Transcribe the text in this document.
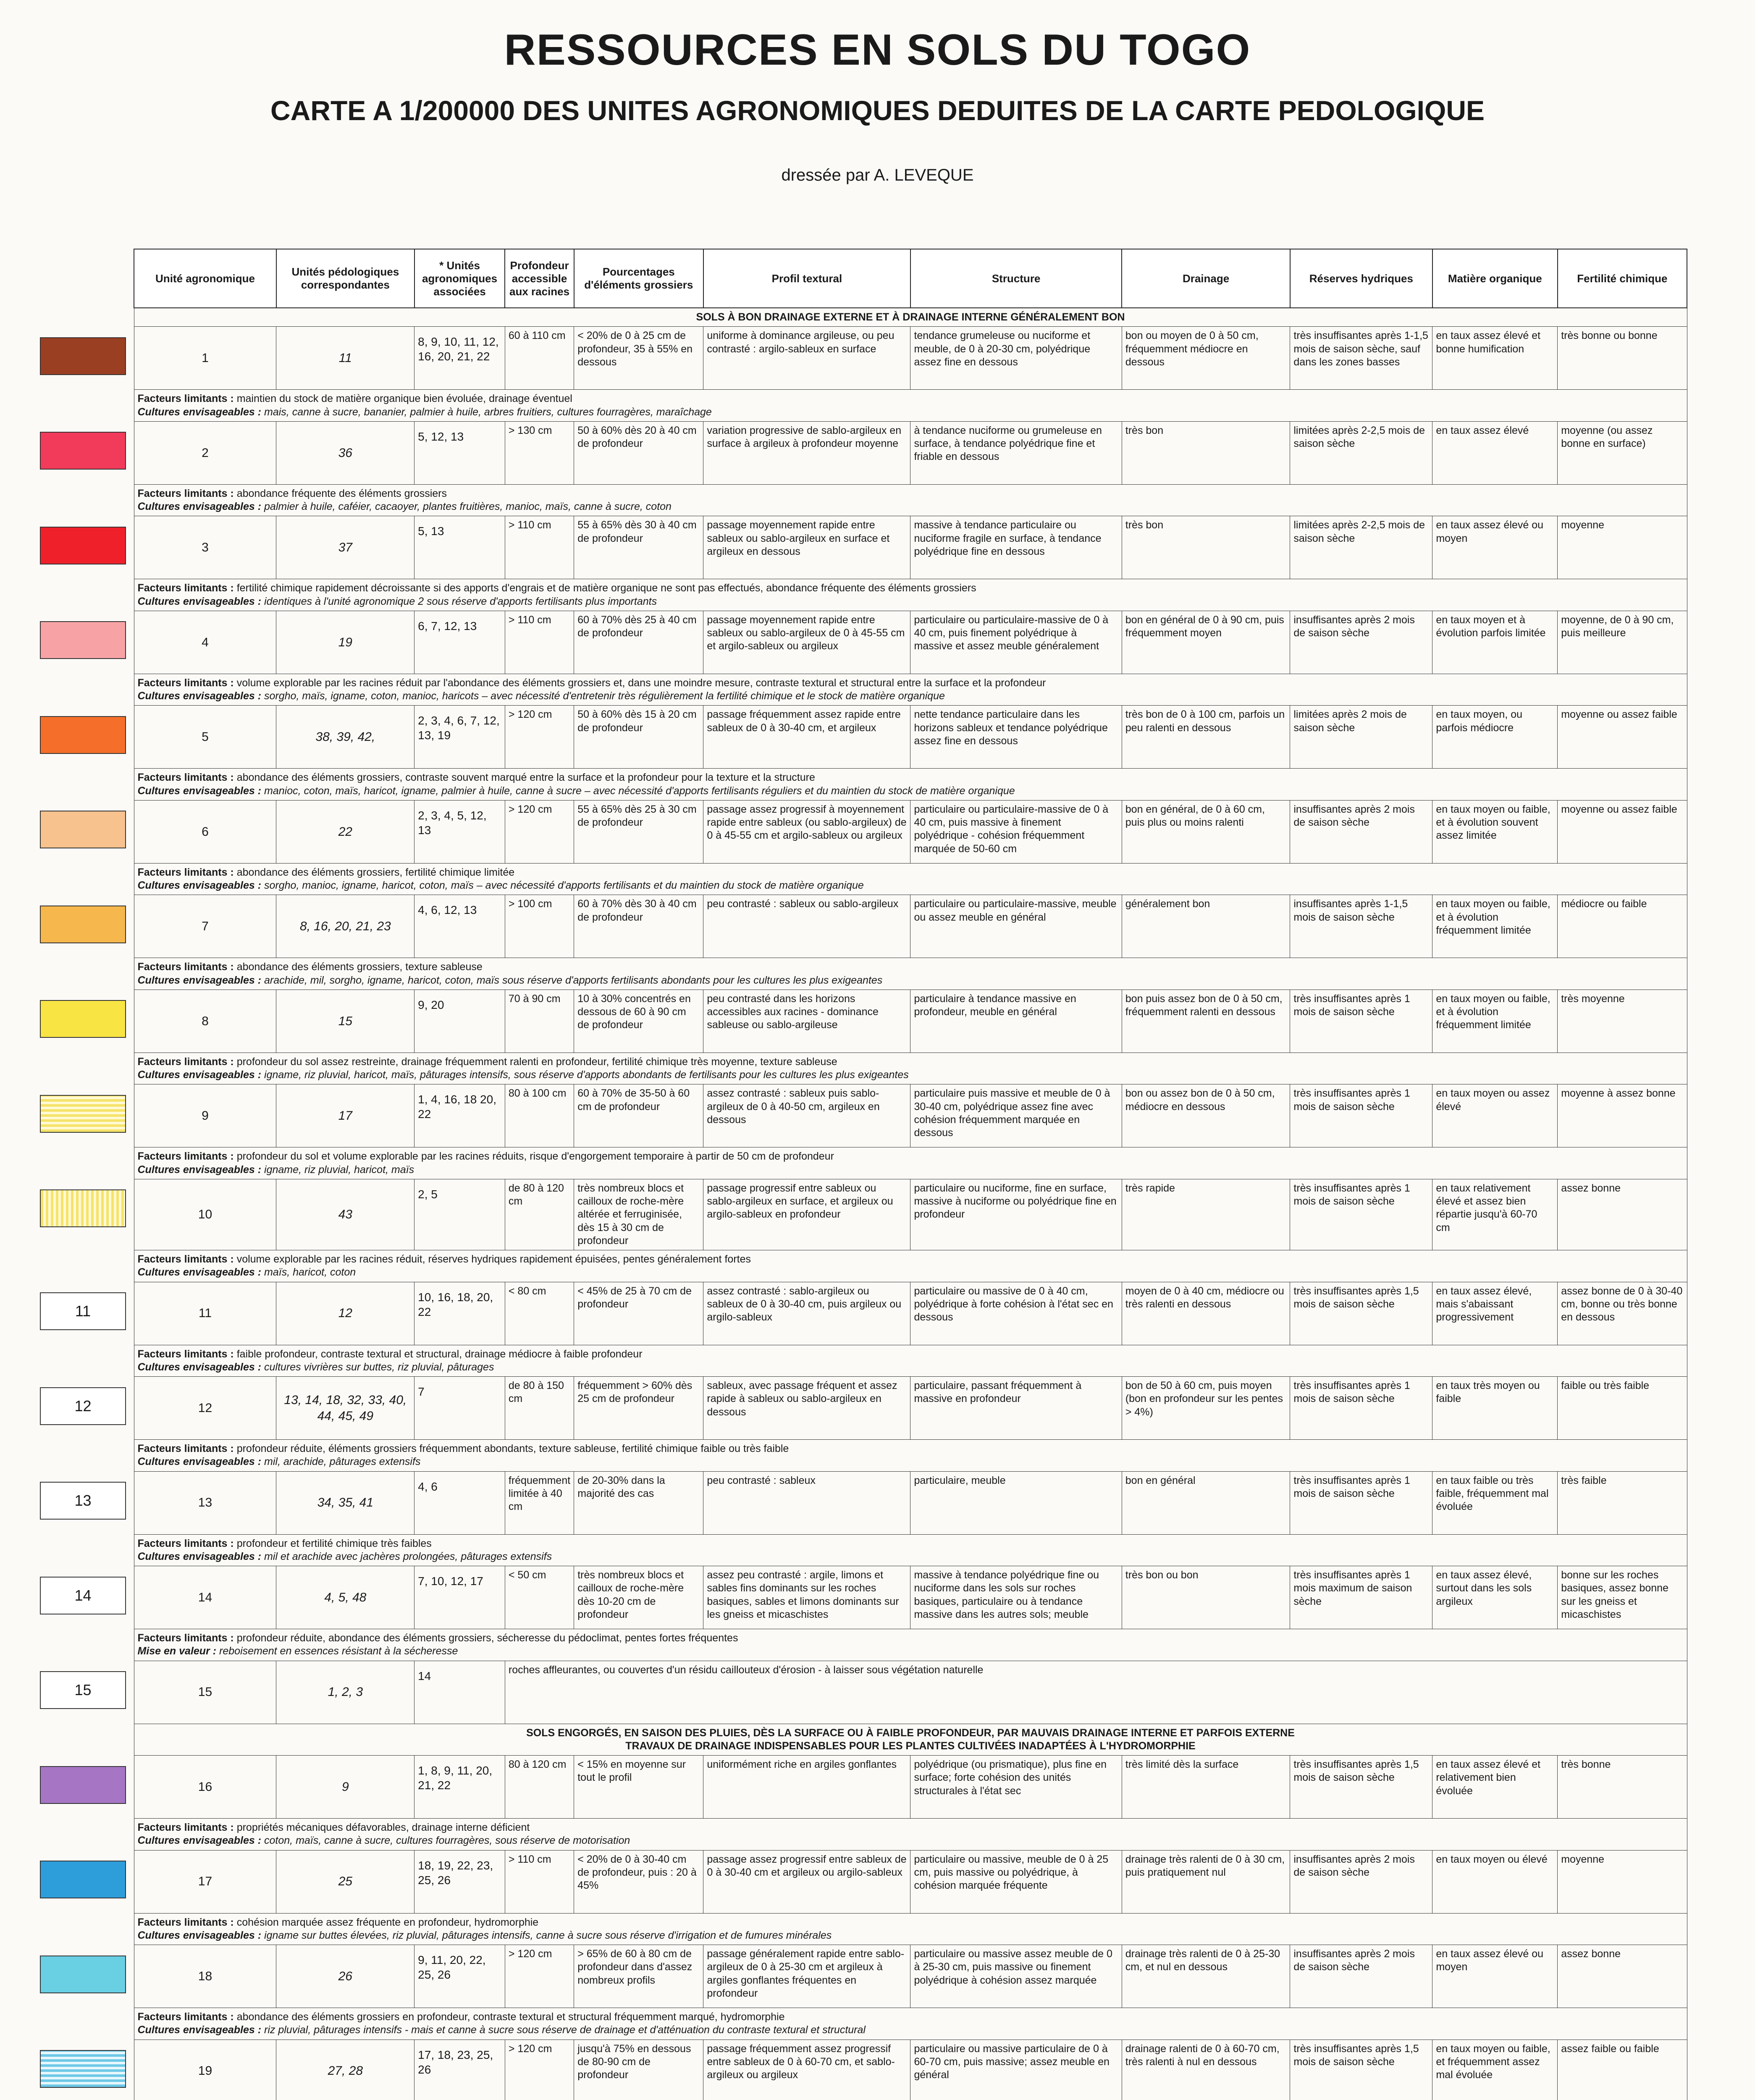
RESSOURCES EN SOLS DU TOGO
CARTE A 1/200000 DES UNITES AGRONOMIQUES DEDUITES DE LA CARTE PEDOLOGIQUE
dressée par A. LEVEQUE
11
12
13
14
15
Unité agronomique	Unités pédologiques correspondantes	* Unités agronomiques associées	Profondeur accessible aux racines	Pourcentages d'éléments grossiers	Profil textural	Structure	Drainage	Réserves hydriques	Matière organique	Fertilité chimique
SOLS À BON DRAINAGE EXTERNE ET À DRAINAGE INTERNE GÉNÉRALEMENT BON										
1	11	8, 9, 10, 11, 12, 16, 20, 21, 22	60 à 110 cm	< 20% de 0 à 25 cm de profondeur, 35 à 55% en dessous	uniforme à dominance argileuse, ou peu contrasté : argilo-sableux en surface	tendance grumeleuse ou nuciforme et meuble, de 0 à 20-30 cm, polyédrique assez fine en dessous	bon ou moyen de 0 à 50 cm, fréquemment médiocre en dessous	très insuffisantes après 1-1,5 mois de saison sèche, sauf dans les zones basses	en taux assez élevé et bonne humification	très bonne ou bonne
Facteurs limitants : maintien du stock de matière organique bien évoluée, drainage éventuel
Cultures envisageables : mais, canne à sucre, bananier, palmier à huile, arbres fruitiers, cultures fourragères, maraîchage										
2	36	5, 12, 13	> 130 cm	50 à 60% dès 20 à 40 cm de profondeur	variation progressive de sablo-argileux en surface à argileux à profondeur moyenne	à tendance nuciforme ou grumeleuse en surface, à tendance polyédrique fine et friable en dessous	très bon	limitées après 2-2,5 mois de saison sèche	en taux assez élevé	moyenne (ou assez bonne en surface)
Facteurs limitants : abondance fréquente des éléments grossiers
Cultures envisageables : palmier à huile, caféier, cacaoyer, plantes fruitières, manioc, maïs, canne à sucre, coton										
3	37	5, 13	> 110 cm	55 à 65% dès 30 à 40 cm de profondeur	passage moyennement rapide entre sableux ou sablo-argileux en surface et argileux en dessous	massive à tendance particulaire ou nuciforme fragile en surface, à tendance polyédrique fine en dessous	très bon	limitées après 2-2,5 mois de saison sèche	en taux assez élevé ou moyen	moyenne
Facteurs limitants : fertilité chimique rapidement décroissante si des apports d'engrais et de matière organique ne sont pas effectués, abondance fréquente des éléments grossiers
Cultures envisageables : identiques à l'unité agronomique 2 sous réserve d'apports fertilisants plus importants										
4	19	6, 7, 12, 13	> 110 cm	60 à 70% dès 25 à 40 cm de profondeur	passage moyennement rapide entre sableux ou sablo-argileux de 0 à 45-55 cm et argilo-sableux ou argileux	particulaire ou particulaire-massive de 0 à 40 cm, puis finement polyédrique à massive et assez meuble généralement	bon en général de 0 à 90 cm, puis fréquemment moyen	insuffisantes après 2 mois de saison sèche	en taux moyen et à évolution parfois limitée	moyenne, de 0 à 90 cm, puis meilleure
Facteurs limitants : volume explorable par les racines réduit par l'abondance des éléments grossiers et, dans une moindre mesure, contraste textural et structural entre la surface et la profondeur
Cultures envisageables : sorgho, maïs, igname, coton, manioc, haricots – avec nécessité d'entretenir très régulièrement la fertilité chimique et le stock de matière organique										
5	38, 39, 42,	2, 3, 4, 6, 7, 12, 13, 19	> 120 cm	50 à 60% dès 15 à 20 cm de profondeur	passage fréquemment assez rapide entre sableux de 0 à 30-40 cm, et argileux	nette tendance particulaire dans les horizons sableux et tendance polyédrique assez fine en dessous	très bon de 0 à 100 cm, parfois un peu ralenti en dessous	limitées après 2 mois de saison sèche	en taux moyen, ou parfois médiocre	moyenne ou assez faible
Facteurs limitants : abondance des éléments grossiers, contraste souvent marqué entre la surface et la profondeur pour la texture et la structure
Cultures envisageables : manioc, coton, maïs, haricot, igname, palmier à huile, canne à sucre – avec nécessité d'apports fertilisants réguliers et du maintien du stock de matière organique										
6	22	2, 3, 4, 5, 12, 13	> 120 cm	55 à 65% dès 25 à 30 cm de profondeur	passage assez progressif à moyennement rapide entre sableux (ou sablo-argileux) de 0 à 45-55 cm et argilo-sableux ou argileux	particulaire ou particulaire-massive de 0 à 40 cm, puis massive à finement polyédrique - cohésion fréquemment marquée de 50-60 cm	bon en général, de 0 à 60 cm, puis plus ou moins ralenti	insuffisantes après 2 mois de saison sèche	en taux moyen ou faible, et à évolution souvent assez limitée	moyenne ou assez faible
Facteurs limitants : abondance des éléments grossiers, fertilité chimique limitée
Cultures envisageables : sorgho, manioc, igname, haricot, coton, maïs – avec nécessité d'apports fertilisants et du maintien du stock de matière organique										
7	8, 16, 20, 21, 23	4, 6, 12, 13	> 100 cm	60 à 70% dès 30 à 40 cm de profondeur	peu contrasté : sableux ou sablo-argileux	particulaire ou particulaire-massive, meuble ou assez meuble en général	généralement bon	insuffisantes après 1-1,5 mois de saison sèche	en taux moyen ou faible, et à évolution fréquemment limitée	médiocre ou faible
Facteurs limitants : abondance des éléments grossiers, texture sableuse
Cultures envisageables : arachide, mil, sorgho, igname, haricot, coton, maïs sous réserve d'apports fertilisants abondants pour les cultures les plus exigeantes										
8	15	9, 20	70 à 90 cm	10 à 30% concentrés en dessous de 60 à 90 cm de profondeur	peu contrasté dans les horizons accessibles aux racines - dominance sableuse ou sablo-argileuse	particulaire à tendance massive en profondeur, meuble en général	bon puis assez bon de 0 à 50 cm, fréquemment ralenti en dessous	très insuffisantes après 1 mois de saison sèche	en taux moyen ou faible, et à évolution fréquemment limitée	très moyenne
Facteurs limitants : profondeur du sol assez restreinte, drainage fréquemment ralenti en profondeur, fertilité chimique très moyenne, texture sableuse
Cultures envisageables : igname, riz pluvial, haricot, maïs, pâturages intensifs, sous réserve d'apports abondants de fertilisants pour les cultures les plus exigeantes										
9	17	1, 4, 16, 18 20, 22	80 à 100 cm	60 à 70% de 35-50 à 60 cm de profondeur	assez contrasté : sableux puis sablo-argileux de 0 à 40-50 cm, argileux en dessous	particulaire puis massive et meuble de 0 à 30-40 cm, polyédrique assez fine avec cohésion fréquemment marquée en dessous	bon ou assez bon de 0 à 50 cm, médiocre en dessous	très insuffisantes après 1 mois de saison sèche	en taux moyen ou assez élevé	moyenne à assez bonne
Facteurs limitants : profondeur du sol et volume explorable par les racines réduits, risque d'engorgement temporaire à partir de 50 cm de profondeur
Cultures envisageables : igname, riz pluvial, haricot, maïs										
10	43	2, 5	de 80 à 120 cm	très nombreux blocs et cailloux de roche-mère altérée et ferruginisée, dès 15 à 30 cm de profondeur	passage progressif entre sableux ou sablo-argileux en surface, et argileux ou argilo-sableux en profondeur	particulaire ou nuciforme, fine en surface, massive à nuciforme ou polyédrique fine en profondeur	très rapide	très insuffisantes après 1 mois de saison sèche	en taux relativement élevé et assez bien répartie jusqu'à 60-70 cm	assez bonne
Facteurs limitants : volume explorable par les racines réduit, réserves hydriques rapidement épuisées, pentes généralement fortes
Cultures envisageables : maïs, haricot, coton										
11	12	10, 16, 18, 20, 22	< 80 cm	< 45% de 25 à 70 cm de profondeur	assez contrasté : sablo-argileux ou sableux de 0 à 30-40 cm, puis argileux ou argilo-sableux	particulaire ou massive de 0 à 40 cm, polyédrique à forte cohésion à l'état sec en dessous	moyen de 0 à 40 cm, médiocre ou très ralenti en dessous	très insuffisantes après 1,5 mois de saison sèche	en taux assez élevé, mais s'abaissant progressivement	assez bonne de 0 à 30-40 cm, bonne ou très bonne en dessous
Facteurs limitants : faible profondeur, contraste textural et structural, drainage médiocre à faible profondeur
Cultures envisageables : cultures vivrières sur buttes, riz pluvial, pâturages										
12	13, 14, 18, 32, 33, 40, 44, 45, 49	7	de 80 à 150 cm	fréquemment > 60% dès 25 cm de profondeur	sableux, avec passage fréquent et assez rapide à sableux ou sablo-argileux en dessous	particulaire, passant fréquemment à massive en profondeur	bon de 50 à 60 cm, puis moyen (bon en profondeur sur les pentes > 4%)	très insuffisantes après 1 mois de saison sèche	en taux très moyen ou faible	faible ou très faible
Facteurs limitants : profondeur réduite, éléments grossiers fréquemment abondants, texture sableuse, fertilité chimique faible ou très faible
Cultures envisageables : mil, arachide, pâturages extensifs										
13	34, 35, 41	4, 6	fréquemment limitée à 40 cm	de 20-30% dans la majorité des cas	peu contrasté : sableux	particulaire, meuble	bon en général	très insuffisantes après 1 mois de saison sèche	en taux faible ou très faible, fréquemment mal évoluée	très faible
Facteurs limitants : profondeur et fertilité chimique très faibles
Cultures envisageables : mil et arachide avec jachères prolongées, pâturages extensifs										
14	4, 5, 48	7, 10, 12, 17	< 50 cm	très nombreux blocs et cailloux de roche-mère dès 10-20 cm de profondeur	assez peu contrasté : argile, limons et sables fins dominants sur les roches basiques, sables et limons dominants sur les gneiss et micaschistes	massive à tendance polyédrique fine ou nuciforme dans les sols sur roches basiques, particulaire ou à tendance massive dans les autres sols; meuble	très bon ou bon	très insuffisantes après 1 mois maximum de saison sèche	en taux assez élevé, surtout dans les sols argileux	bonne sur les roches basiques, assez bonne sur les gneiss et micaschistes
Facteurs limitants : profondeur réduite, abondance des éléments grossiers, sécheresse du pédoclimat, pentes fortes fréquentes
Mise en valeur : reboisement en essences résistant à la sécheresse										
15	1, 2, 3	14	roches affleurantes, ou couvertes d'un résidu caillouteux d'érosion - à laisser sous végétation naturelle							
SOLS ENGORGÉS, EN SAISON DES PLUIES, DÈS LA SURFACE OU À FAIBLE PROFONDEUR, PAR MAUVAIS DRAINAGE INTERNE ET PARFOIS EXTERNE
TRAVAUX DE DRAINAGE INDISPENSABLES POUR LES PLANTES CULTIVÉES INADAPTÉES À L'HYDROMORPHIE										
16	9	1, 8, 9, 11, 20, 21, 22	80 à 120 cm	< 15% en moyenne sur tout le profil	uniformément riche en argiles gonflantes	polyédrique (ou prismatique), plus fine en surface; forte cohésion des unités structurales à l'état sec	très limité dès la surface	très insuffisantes après 1,5 mois de saison sèche	en taux assez élevé et relativement bien évoluée	très bonne
Facteurs limitants : propriétés mécaniques défavorables, drainage interne déficient
Cultures envisageables : coton, maïs, canne à sucre, cultures fourragères, sous réserve de motorisation										
17	25	18, 19, 22, 23, 25, 26	> 110 cm	< 20% de 0 à 30-40 cm de profondeur, puis : 20 à 45%	passage assez progressif entre sableux de 0 à 30-40 cm et argileux ou argilo-sableux	particulaire ou massive, meuble de 0 à 25 cm, puis massive ou polyédrique, à cohésion marquée fréquente	drainage très ralenti de 0 à 30 cm, puis pratiquement nul	insuffisantes après 2 mois de saison sèche	en taux moyen ou élevé	moyenne
Facteurs limitants : cohésion marquée assez fréquente en profondeur, hydromorphie
Cultures envisageables : igname sur buttes élevées, riz pluvial, pâturages intensifs, canne à sucre sous réserve d'irrigation et de fumures minérales										
18	26	9, 11, 20, 22, 25, 26	> 120 cm	> 65% de 60 à 80 cm de profondeur dans d'assez nombreux profils	passage généralement rapide entre sablo-argileux de 0 à 25-30 cm et argileux à argiles gonflantes fréquentes en profondeur	particulaire ou massive assez meuble de 0 à 25-30 cm, puis massive ou finement polyédrique à cohésion assez marquée	drainage très ralenti de 0 à 25-30 cm, et nul en dessous	insuffisantes après 2 mois de saison sèche	en taux assez élevé ou moyen	assez bonne
Facteurs limitants : abondance des éléments grossiers en profondeur, contraste textural et structural fréquemment marqué, hydromorphie
Cultures envisageables : riz pluvial, pâturages intensifs - mais et canne à sucre sous réserve de drainage et d'atténuation du contraste textural et structural										
19	27, 28	17, 18, 23, 25, 26	> 120 cm	jusqu'à 75% en dessous de 80-90 cm de profondeur	passage fréquemment assez progressif entre sableux de 0 à 60-70 cm, et sablo-argileux ou argileux	particulaire ou massive particulaire de 0 à 60-70 cm, puis massive; assez meuble en général	drainage ralenti de 0 à 60-70 cm, très ralenti à nul en dessous	très insuffisantes après 1,5 mois de saison sèche	en taux moyen ou faible, et fréquemment assez mal évoluée	assez faible ou faible
